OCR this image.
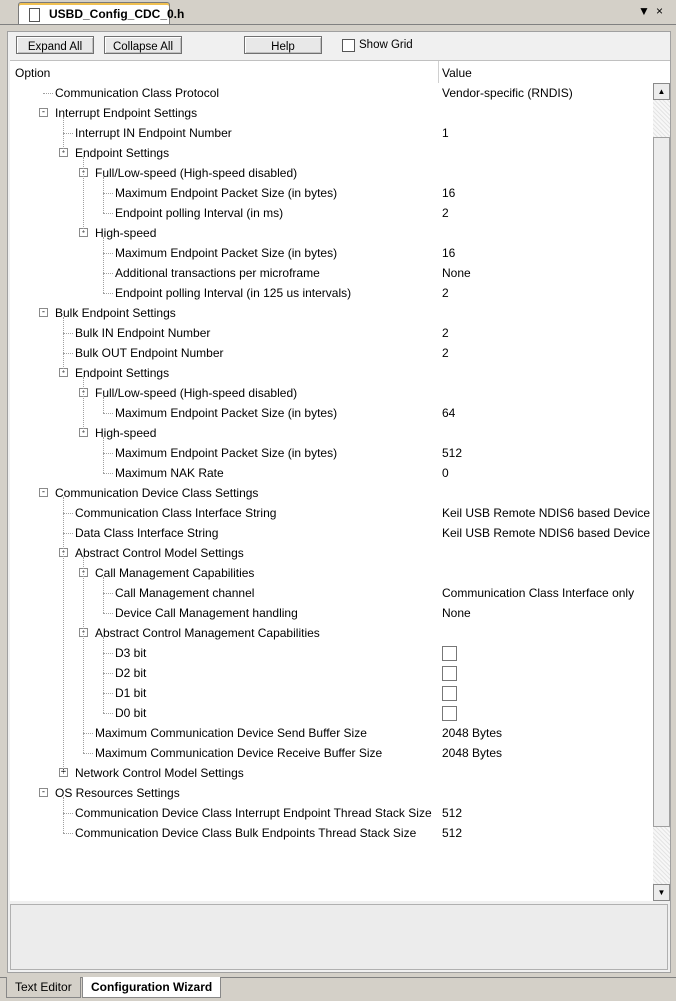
USBD_Config_CDC_0.h	▼ ×
Expand All	Collapse All	Help	Show Grid
Option	Value
Communication Class Protocol	Vendor-specific (RNDIS)
Interrupt Endpoint Settings
-
Interrupt IN Endpoint Number	1
Endpoint Settings
-
Full/Low-speed (High-speed disabled)
-
Maximum Endpoint Packet Size (in bytes)	16
Endpoint polling Interval (in ms)	2
High-speed
-
Maximum Endpoint Packet Size (in bytes)	16
Additional transactions per microframe	None
Endpoint polling Interval (in 125 us intervals)	2
Bulk Endpoint Settings
-
Bulk IN Endpoint Number	2
Bulk OUT Endpoint Number	2
Endpoint Settings
-
Full/Low-speed (High-speed disabled)
-
Maximum Endpoint Packet Size (in bytes)	64
High-speed
-
Maximum Endpoint Packet Size (in bytes)	512
Maximum NAK Rate	0
Communication Device Class Settings
-
Communication Class Interface String	Keil USB Remote NDIS6 based Device
Data Class Interface String	Keil USB Remote NDIS6 based Device
Abstract Control Model Settings
-
Call Management Capabilities
-
Call Management channel	Communication Class Interface only
Device Call Management handling	None
Abstract Control Management Capabilities
-
D3 bit
D2 bit
D1 bit
D0 bit
Maximum Communication Device Send Buffer Size	2048 Bytes
Maximum Communication Device Receive Buffer Size	2048 Bytes
Network Control Model Settings
+
OS Resources Settings
-
Communication Device Class Interrupt Endpoint Thread Stack Size 512
Communication Device Class Bulk Endpoints Thread Stack Size 512
▲
▼
Text Editor	Configuration Wizard
